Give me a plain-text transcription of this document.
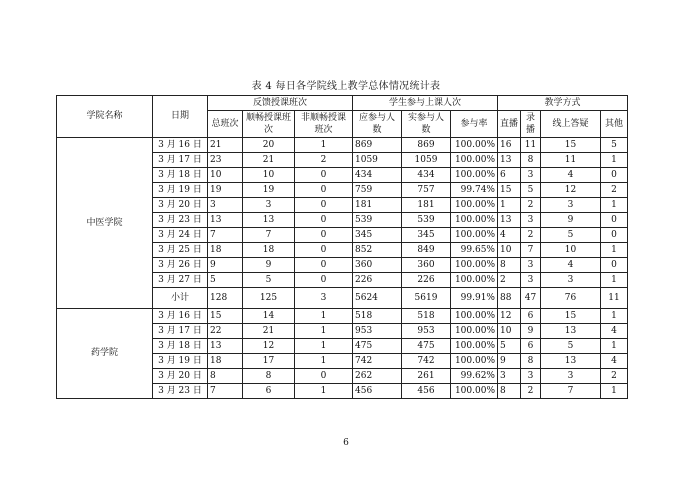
表 4 每日各学院线上教学总体情况统计表
学院名称	日期	反馈授课班次			学生参与上课人次			教学方式			
		总班次	顺畅授课班次	非顺畅授课班次	应参与人数	实参与人数	参与率	直播	录播	线上答疑	其他
中医学院	3 月 16 日	21	20	1	869	869	100.00%	16	11	15	5
	3 月 17 日	23	21	2	1059	1059	100.00%	13	8	11	1
	3 月 18 日	10	10	0	434	434	100.00%	6	3	4	0
	3 月 19 日	19	19	0	759	757	99.74%	15	5	12	2
	3 月 20 日	3	3	0	181	181	100.00%	1	2	3	1
	3 月 23 日	13	13	0	539	539	100.00%	13	3	9	0
	3 月 24 日	7	7	0	345	345	100.00%	4	2	5	0
	3 月 25 日	18	18	0	852	849	99.65%	10	7	10	1
	3 月 26 日	9	9	0	360	360	100.00%	8	3	4	0
	3 月 27 日	5	5	0	226	226	100.00%	2	3	3	1
	小计	128	125	3	5624	5619	99.91%	88	47	76	11
药学院	3 月 16 日	15	14	1	518	518	100.00%	12	6	15	1
	3 月 17 日	22	21	1	953	953	100.00%	10	9	13	4
	3 月 18 日	13	12	1	475	475	100.00%	5	6	5	1
	3 月 19 日	18	17	1	742	742	100.00%	9	8	13	4
	3 月 20 日	8	8	0	262	261	99.62%	3	3	3	2
	3 月 23 日	7	6	1	456	456	100.00%	8	2	7	1
6
